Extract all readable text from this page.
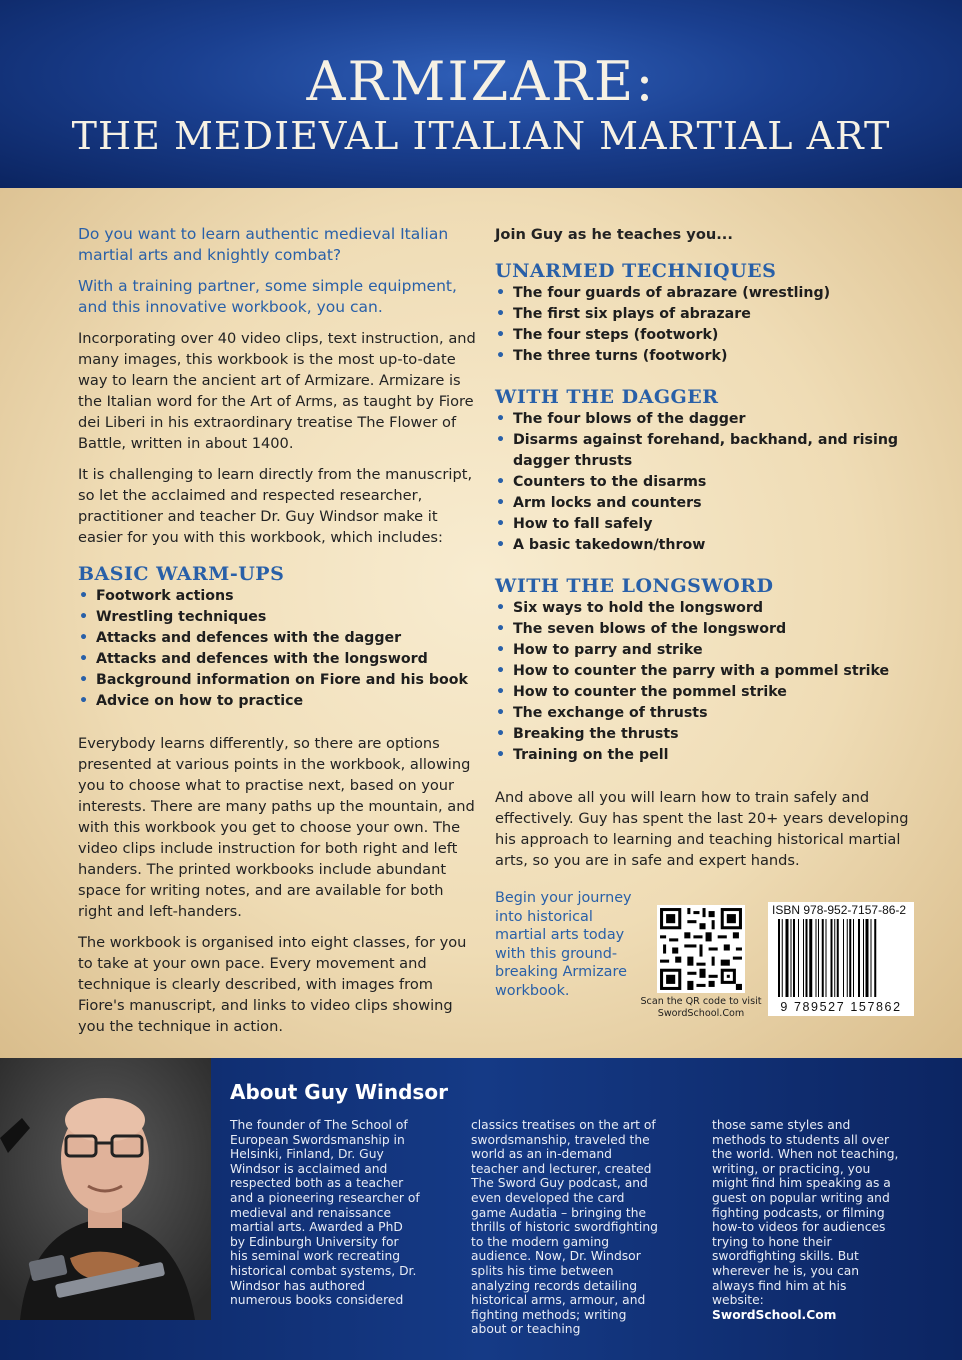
ARMIZARE:
THE MEDIEVAL ITALIAN MARTIAL ART

Do you want to learn authentic medieval Italian martial arts and knightly combat?

With a training partner, some simple equipment, and this innovative workbook, you can.

Incorporating over 40 video clips, text instruction, and many images, this workbook is the most up-to-date way to learn the ancient art of Armizare. Armizare is the Italian word for the Art of Arms, as taught by Fiore dei Liberi in his extraordinary treatise The Flower of Battle, written in about 1400.

It is challenging to learn directly from the manuscript, so let the acclaimed and respected researcher, practitioner and teacher Dr. Guy Windsor make it easier for you with this workbook, which includes:

BASIC WARM-UPS
• Footwork actions
• Wrestling techniques
• Attacks and defences with the dagger
• Attacks and defences with the longsword
• Background information on Fiore and his book
• Advice on how to practice

Everybody learns differently, so there are options presented at various points in the workbook, allowing you to choose what to practise next, based on your interests. There are many paths up the mountain, and with this workbook you get to choose your own. The video clips include instruction for both right and left handers. The printed workbooks include abundant space for writing notes, and are available for both right and left-handers.

The workbook is organised into eight classes, for you to take at your own pace. Every movement and technique is clearly described, with images from Fiore's manuscript, and links to video clips showing you the technique in action.

Join Guy as he teaches you...

UNARMED TECHNIQUES
• The four guards of abrazare (wrestling)
• The first six plays of abrazare
• The four steps (footwork)
• The three turns (footwork)
WITH THE DAGGER
• The four blows of the dagger
• Disarms against forehand, backhand, and rising dagger thrusts
• Counters to the disarms
• Arm locks and counters
• How to fall safely
• A basic takedown/throw
WITH THE LONGSWORD
• Six ways to hold the longsword
• The seven blows of the longsword
• How to parry and strike
• How to counter the parry with a pommel strike
• How to counter the pommel strike
• The exchange of thrusts
• Breaking the thrusts
• Training on the pell

And above all you will learn how to train safely and effectively. Guy has spent the last 20+ years developing his approach to learning and teaching historical martial arts, so you are in safe and expert hands.

Begin your journey into historical martial arts today with this ground-breaking Armizare workbook.
Scan the QR code to visit SwordSchool.Com
ISBN 978-952-7157-86-2
9 789527 157862
About Guy Windsor

The founder of The School of European Swordsmanship in Helsinki, Finland, Dr. Guy Windsor is acclaimed and respected both as a teacher and a pioneering researcher of medieval and renaissance martial arts. Awarded a PhD by Edinburgh University for his seminal work recreating historical combat systems, Dr. Windsor has authored numerous books considered

classics treatises on the art of swordsmanship, traveled the world as an in-demand teacher and lecturer, created The Sword Guy podcast, and even developed the card game Audatia – bringing the thrills of historic swordfighting to the modern gaming audience. Now, Dr. Windsor splits his time between analyzing records detailing historical arms, armour, and fighting methods; writing about or teaching

those same styles and methods to students all over the world. When not teaching, writing, or practicing, you might find him speaking as a guest on popular writing and fighting podcasts, or filming how-to videos for audiences trying to hone their swordfighting skills. But wherever he is, you can always find him at his website:

SwordSchool.Com
